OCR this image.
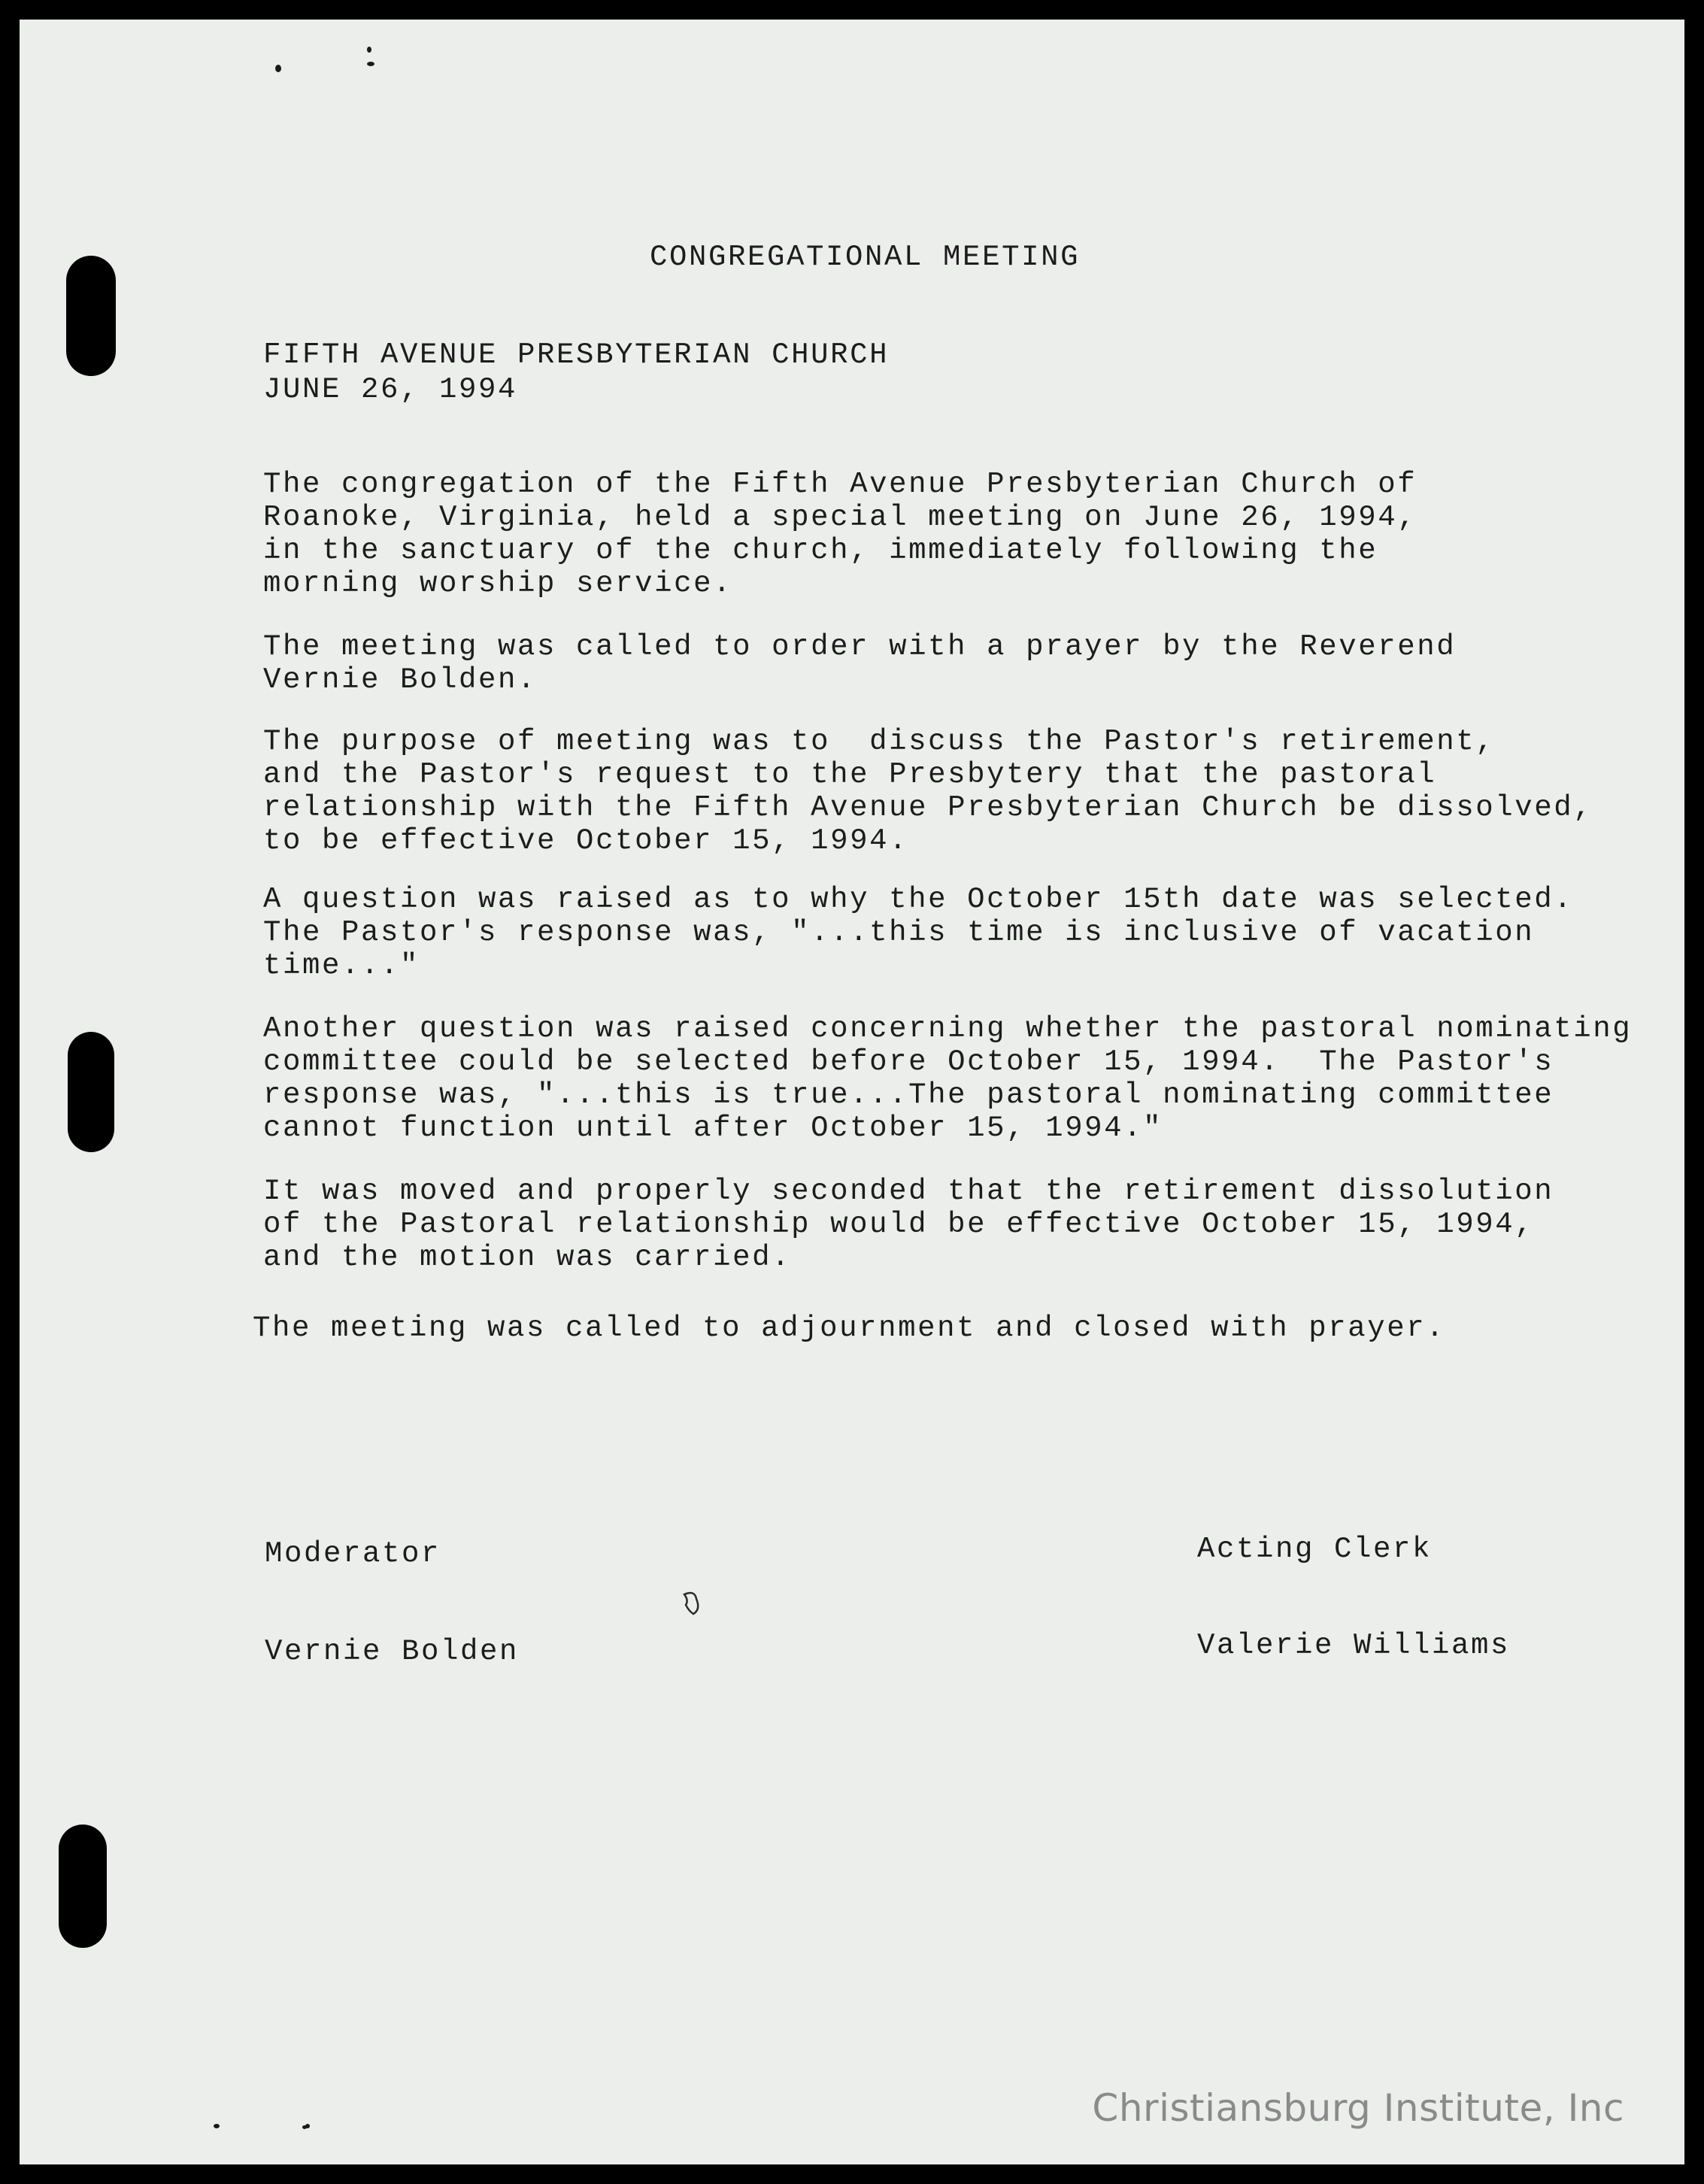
CONGREGATIONAL MEETING
FIFTH AVENUE PRESBYTERIAN CHURCH
JUNE 26, 1994
The congregation of the Fifth Avenue Presbyterian Church of
Roanoke, Virginia, held a special meeting on June 26, 1994,
in the sanctuary of the church, immediately following the
morning worship service.
The meeting was called to order with a prayer by the Reverend
Vernie Bolden.
The purpose of meeting was to  discuss the Pastor's retirement,
and the Pastor's request to the Presbytery that the pastoral
relationship with the Fifth Avenue Presbyterian Church be dissolved,
to be effective October 15, 1994.
A question was raised as to why the October 15th date was selected.
The Pastor's response was, "...this time is inclusive of vacation
time..."
Another question was raised concerning whether the pastoral nominating
committee could be selected before October 15, 1994.  The Pastor's
response was, "...this is true...The pastoral nominating committee
cannot function until after October 15, 1994."
It was moved and properly seconded that the retirement dissolution
of the Pastoral relationship would be effective October 15, 1994,
and the motion was carried.
The meeting was called to adjournment and closed with prayer.
Moderator
Vernie Bolden
Acting Clerk
Valerie Williams
Christiansburg Institute, Inc
